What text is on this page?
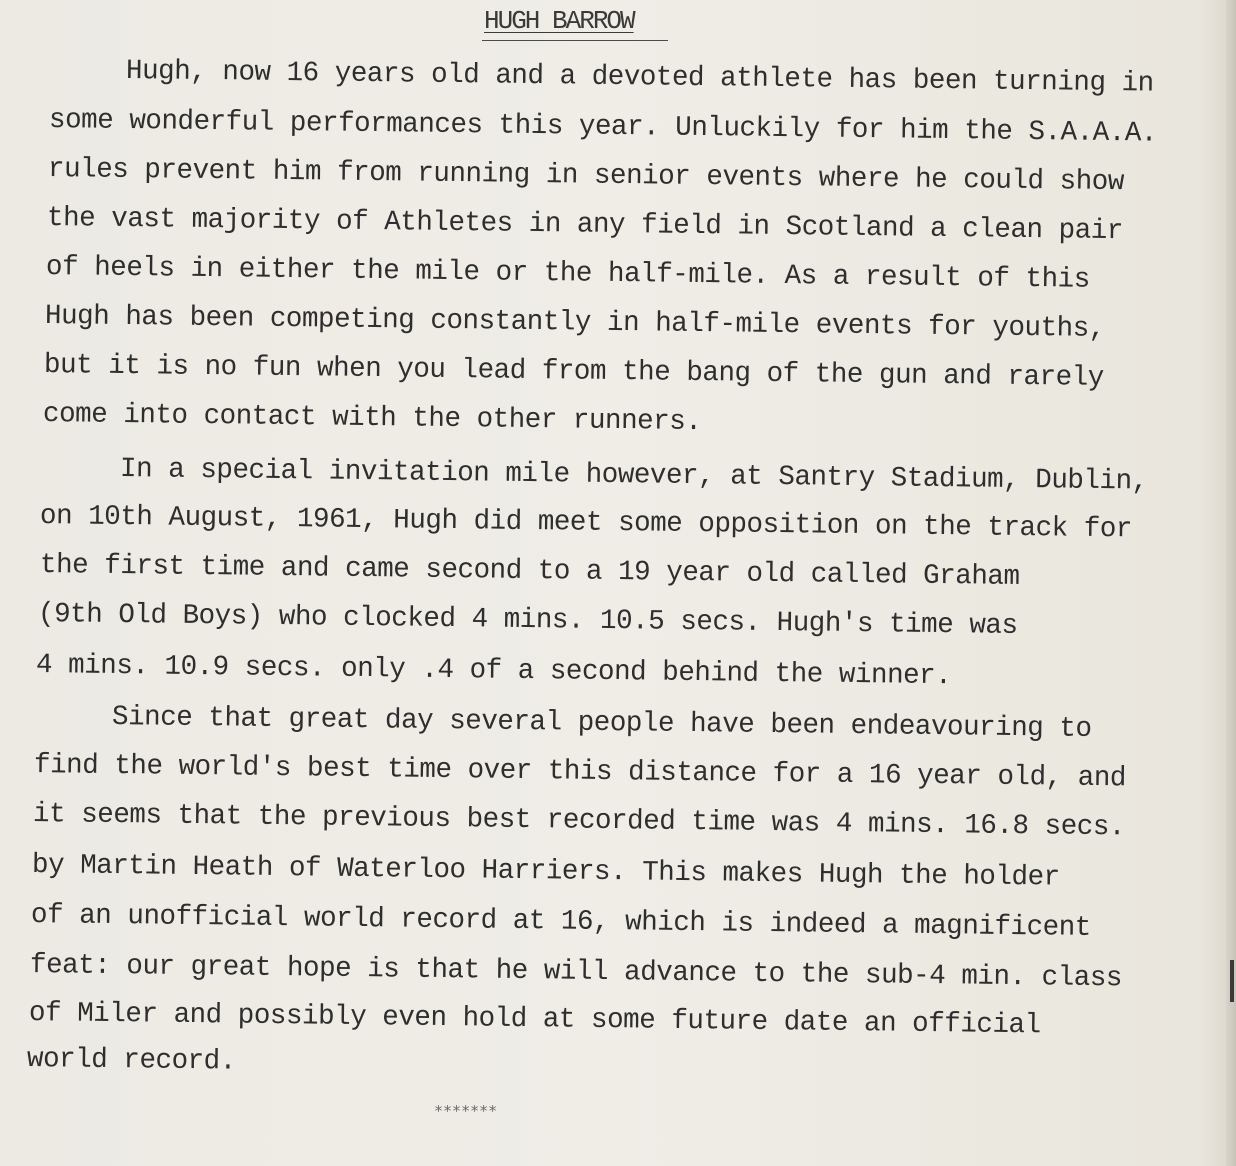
HUGH BARROW
Hugh, now 16 years old and a devoted athlete has been turning in
some wonderful performances this year. Unluckily for him the S.A.A.A.
rules prevent him from running in senior events where he could show
the vast majority of Athletes in any field in Scotland a clean pair
of heels in either the mile or the half-mile. As a result of this
Hugh has been competing constantly in half-mile events for youths,
but it is no fun when you lead from the bang of the gun and rarely
come into contact with the other runners.
In a special invitation mile however, at Santry Stadium, Dublin,
on 10th August, 1961, Hugh did meet some opposition on the track for
the first time and came second to a 19 year old called Graham
(9th Old Boys) who clocked 4 mins. 10.5 secs. Hugh's time was
4 mins. 10.9 secs. only .4 of a second behind the winner.
Since that great day several people have been endeavouring to
find the world's best time over this distance for a 16 year old, and
it seems that the previous best recorded time was 4 mins. 16.8 secs.
by Martin Heath of Waterloo Harriers. This makes Hugh the holder
of an unofficial world record at 16, which is indeed a magnificent
feat: our great hope is that he will advance to the sub-4 min. class
of Miler and possibly even hold at some future date an official
world record.
*******
